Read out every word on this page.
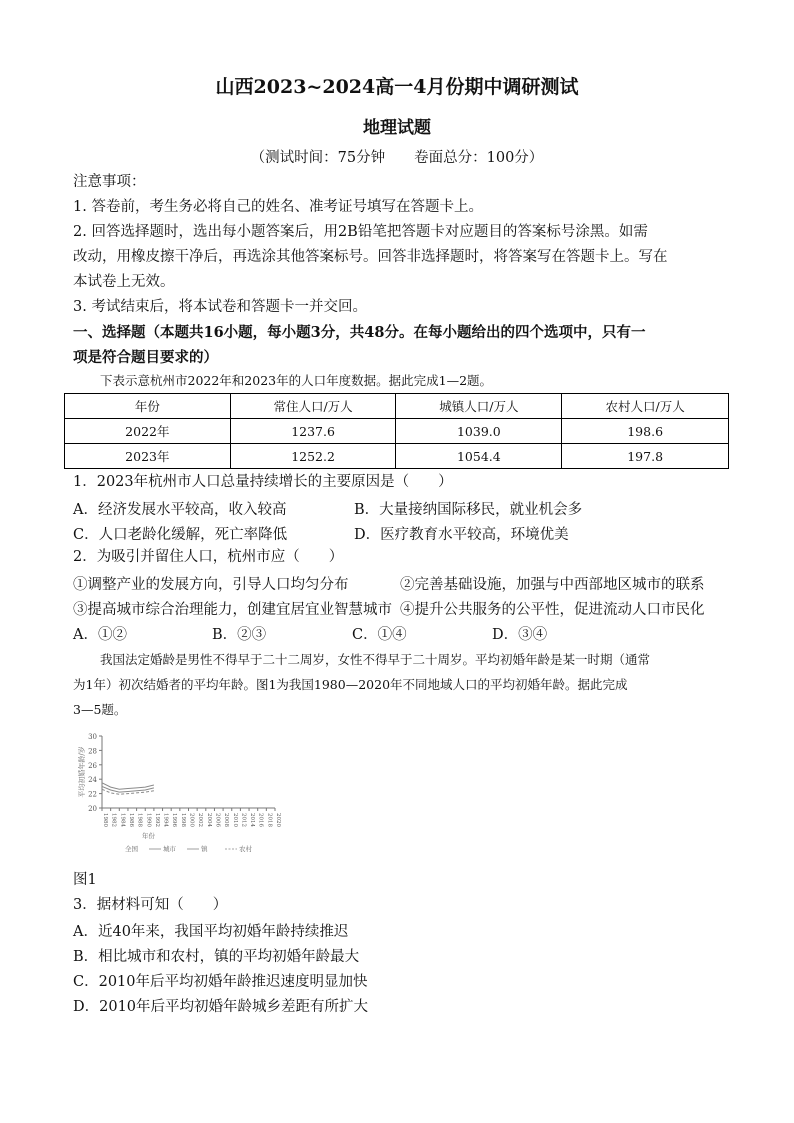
山西2023~2024高一4月份期中调研测试
地理试题
（测试时间：75分钟　　卷面总分：100分）
注意事项：
1. 答卷前，考生务必将自己的姓名、准考证号填写在答题卡上。
2. 回答选择题时，选出每小题答案后，用2B铅笔把答题卡对应题目的答案标号涂黑。如需
改动，用橡皮擦干净后，再选涂其他答案标号。回答非选择题时，将答案写在答题卡上。写在
本试卷上无效。
3. 考试结束后，将本试卷和答题卡一并交回。
一、选择题（本题共16小题，每小题3分，共48分。在每小题给出的四个选项中，只有一
项是符合题目要求的）
下表示意杭州市2022年和2023年的人口年度数据。据此完成1—2题。
年份	常住人口/万人	城镇人口/万人	农村人口/万人
2022年	1237.6	1039.0	198.6
2023年	1252.2	1054.4	197.8
1．2023年杭州市人口总量持续增长的主要原因是（　　）
A．经济发展水平较高，收入较高	B．大量接纳国际移民，就业机会多
C．人口老龄化缓解，死亡率降低	D．医疗教育水平较高，环境优美
2．为吸引并留住人口，杭州市应（　　）
①调整产业的发展方向，引导人口均匀分布	②完善基础设施，加强与中西部地区城市的联系
③提高城市综合治理能力，创建宜居宜业智慧城市 ④提升公共服务的公平性，促进流动人口市民化
A．①②	B．②③	C．①④	D．③④
我国法定婚龄是男性不得早于二十二周岁，女性不得早于二十周岁。平均初婚年龄是某一时期（通常
为1年）初次结婚者的平均年龄。图1为我国1980—2020年不同地域人口的平均初婚年龄。据此完成
3—5题。
20
22
24
26
28
30
1980 1982 1984 1986 1988 1990 1992 1994 1996 1998 2000 2002 2004 2006 2008 2010 2012 2014 2016 2018 2020
平均初婚年龄/岁
年份
全国	城市	镇	农村
图1
3．据材料可知（　　）
A．近40年来，我国平均初婚年龄持续推迟
B．相比城市和农村，镇的平均初婚年龄最大
C．2010年后平均初婚年龄推迟速度明显加快
D．2010年后平均初婚年龄城乡差距有所扩大
